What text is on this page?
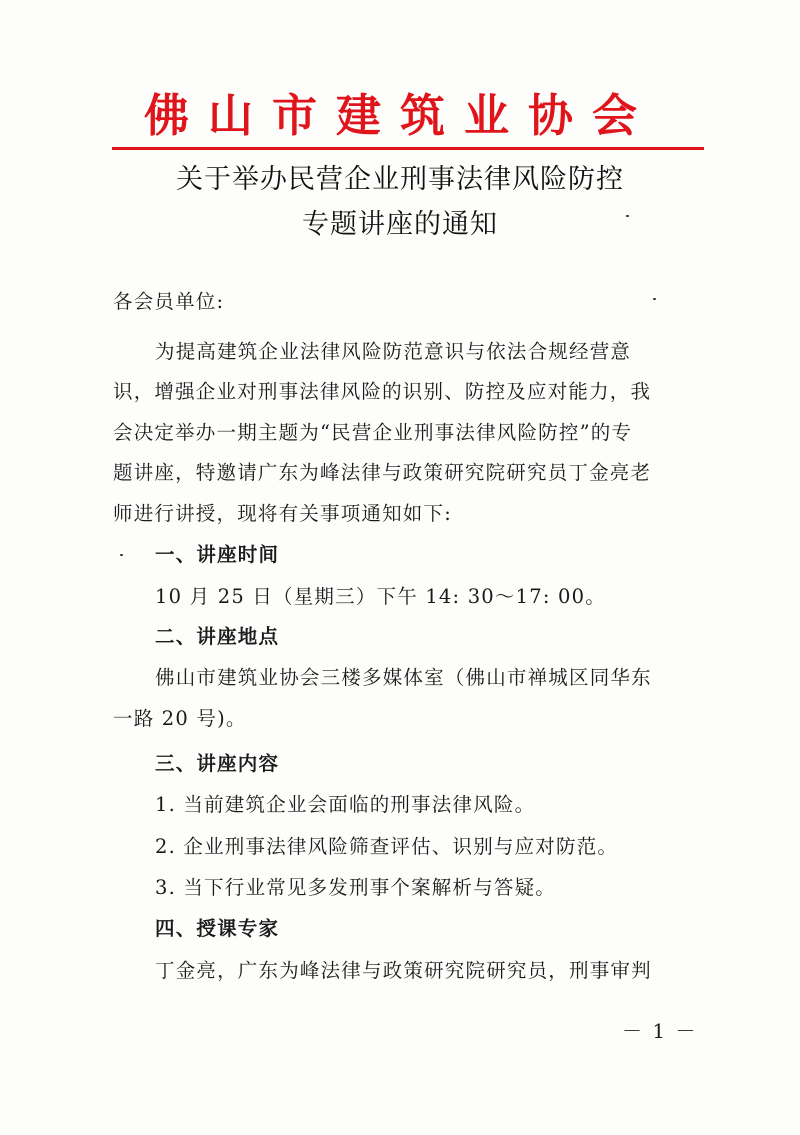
佛山市建筑业协会
关于举办民营企业刑事法律风险防控
专题讲座的通知
各会员单位:
为提高建筑企业法律风险防范意识与依法合规经营意
识，增强企业对刑事法律风险的识别、防控及应对能力，我
会决定举办一期主题为“民营企业刑事法律风险防控”的专
题讲座，特邀请广东为峰法律与政策研究院研究员丁金亮老
师进行讲授，现将有关事项通知如下:
一、讲座时间
10 月 25 日（星期三）下午 14: 30～17: 00。
二、讲座地点
佛山市建筑业协会三楼多媒体室（佛山市禅城区同华东
一路 20 号)。
三、讲座内容
1. 当前建筑企业会面临的刑事法律风险。
2. 企业刑事法律风险筛查评估、识别与应对防范。
3. 当下行业常见多发刑事个案解析与答疑。
四、授课专家
丁金亮，广东为峰法律与政策研究院研究员，刑事审判
－ 1 －
